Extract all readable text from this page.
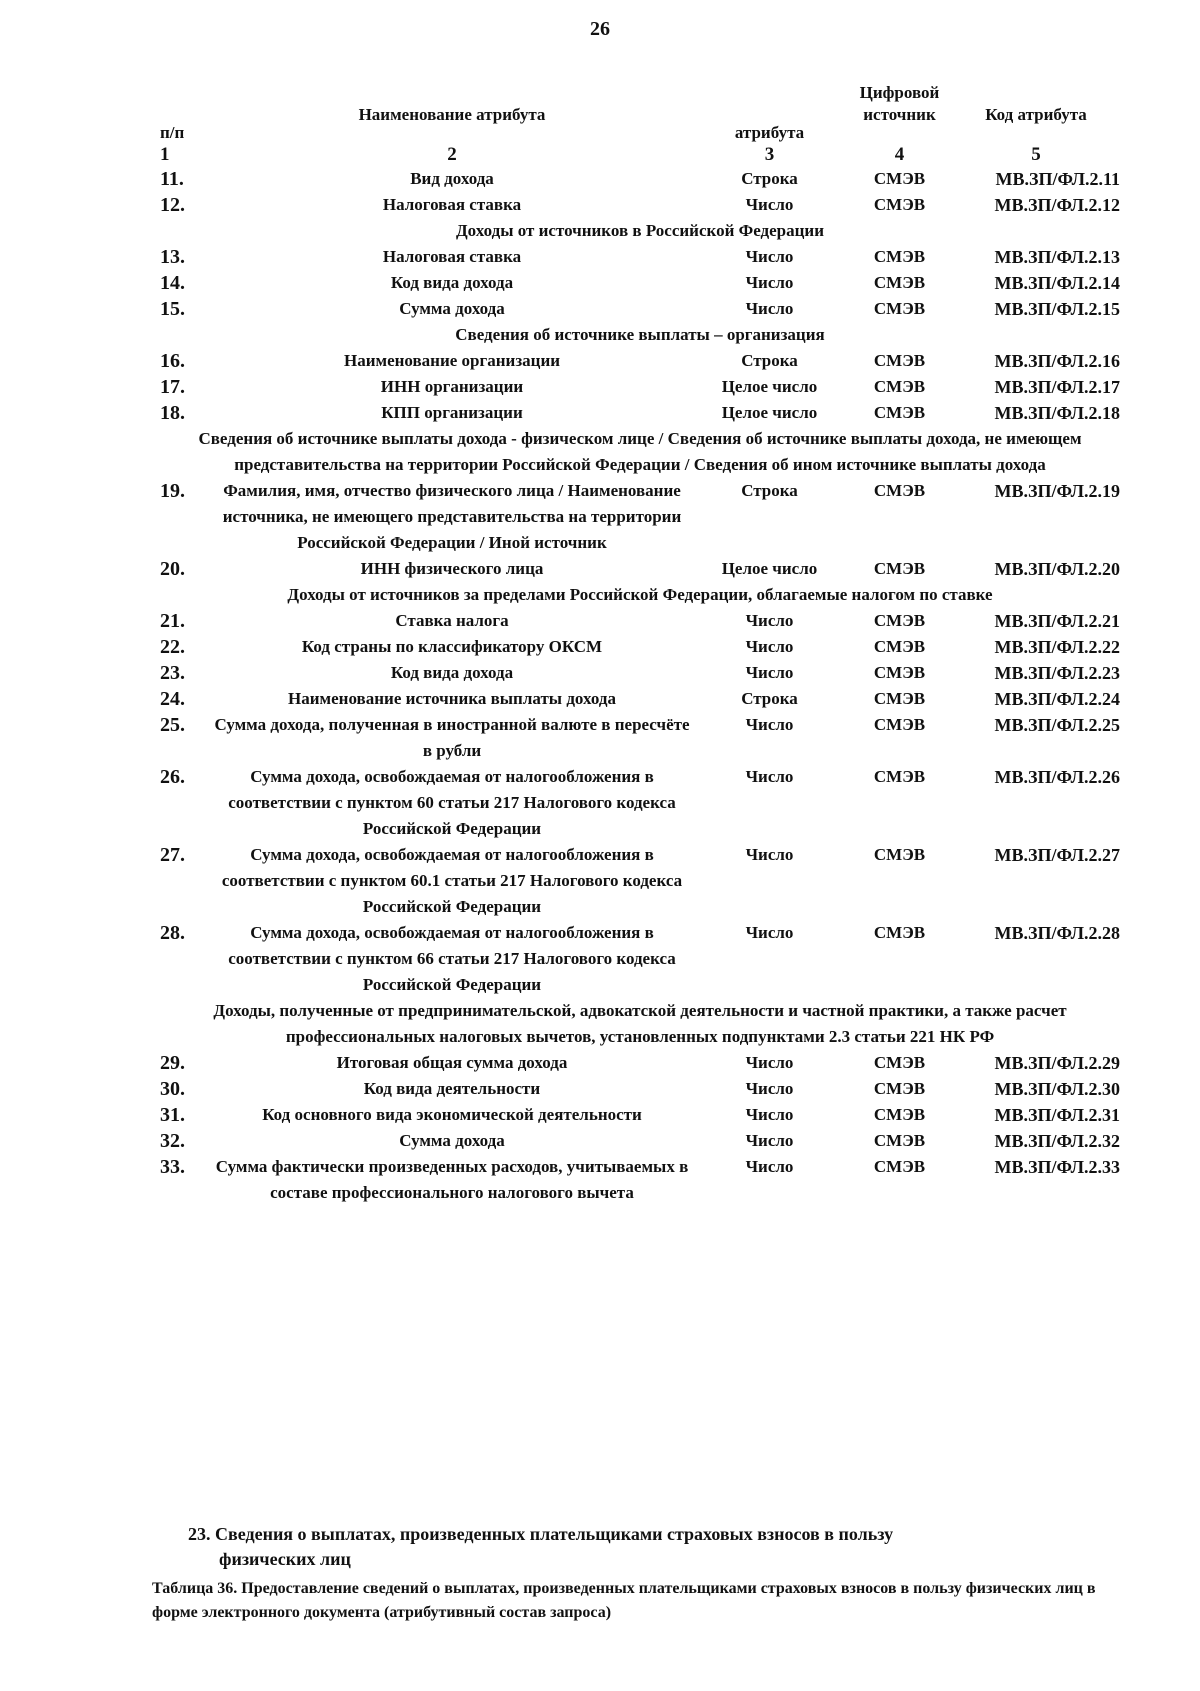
26
п/п	Наименование атрибута	атрибута	Цифровой источник	Код атрибута
1	2	3	4	5
11.	Вид дохода	Строка	СМЭВ	МВ.ЗП/ФЛ.2.11
12.	Налоговая ставка	Число	СМЭВ	МВ.ЗП/ФЛ.2.12
Доходы от источников в Российской Федерации				
13.	Налоговая ставка	Число	СМЭВ	МВ.ЗП/ФЛ.2.13
14.	Код вида дохода	Число	СМЭВ	МВ.ЗП/ФЛ.2.14
15.	Сумма дохода	Число	СМЭВ	МВ.ЗП/ФЛ.2.15
Сведения об источнике выплаты – организация				
16.	Наименование организации	Строка	СМЭВ	МВ.ЗП/ФЛ.2.16
17.	ИНН организации	Целое число	СМЭВ	МВ.ЗП/ФЛ.2.17
18.	КПП организации	Целое число	СМЭВ	МВ.ЗП/ФЛ.2.18
Сведения об источнике выплаты дохода - физическом лице / Сведения об источнике выплаты дохода, не имеющем представительства на территории Российской Федерации / Сведения об ином источнике выплаты дохода				
19.	Фамилия, имя, отчество физического лица / Наименование источника, не имеющего представительства на территории Российской Федерации / Иной источник	Строка	СМЭВ	МВ.ЗП/ФЛ.2.19
20.	ИНН физического лица	Целое число	СМЭВ	МВ.ЗП/ФЛ.2.20
Доходы от источников за пределами Российской Федерации, облагаемые налогом по ставке				
21.	Ставка налога	Число	СМЭВ	МВ.ЗП/ФЛ.2.21
22.	Код страны по классификатору ОКСМ	Число	СМЭВ	МВ.ЗП/ФЛ.2.22
23.	Код вида дохода	Число	СМЭВ	МВ.ЗП/ФЛ.2.23
24.	Наименование источника выплаты дохода	Строка	СМЭВ	МВ.ЗП/ФЛ.2.24
25.	Сумма дохода, полученная в иностранной валюте в пересчёте в рубли	Число	СМЭВ	МВ.ЗП/ФЛ.2.25
26.	Сумма дохода, освобождаемая от налогообложения в соответствии с пунктом 60 статьи 217 Налогового кодекса Российской Федерации	Число	СМЭВ	МВ.ЗП/ФЛ.2.26
27.	Сумма дохода, освобождаемая от налогообложения в соответствии с пунктом 60.1 статьи 217 Налогового кодекса Российской Федерации	Число	СМЭВ	МВ.ЗП/ФЛ.2.27
28.	Сумма дохода, освобождаемая от налогообложения в соответствии с пунктом 66 статьи 217 Налогового кодекса Российской Федерации	Число	СМЭВ	МВ.ЗП/ФЛ.2.28
Доходы, полученные от предпринимательской, адвокатской деятельности и частной практики, а также расчет профессиональных налоговых вычетов, установленных подпунктами 2.3 статьи 221 НК РФ				
29.	Итоговая общая сумма дохода	Число	СМЭВ	МВ.ЗП/ФЛ.2.29
30.	Код вида деятельности	Число	СМЭВ	МВ.ЗП/ФЛ.2.30
31.	Код основного вида экономической деятельности	Число	СМЭВ	МВ.ЗП/ФЛ.2.31
32.	Сумма дохода	Число	СМЭВ	МВ.ЗП/ФЛ.2.32
33.	Сумма фактически произведенных расходов, учитываемых в составе профессионального налогового вычета	Число	СМЭВ	МВ.ЗП/ФЛ.2.33
23. Сведения о выплатах, произведенных плательщиками страховых взносов в пользу
физических лиц
Таблица 36. Предоставление сведений о выплатах, произведенных плательщиками страховых взносов в пользу физических лиц в форме электронного документа (атрибутивный состав запроса)
